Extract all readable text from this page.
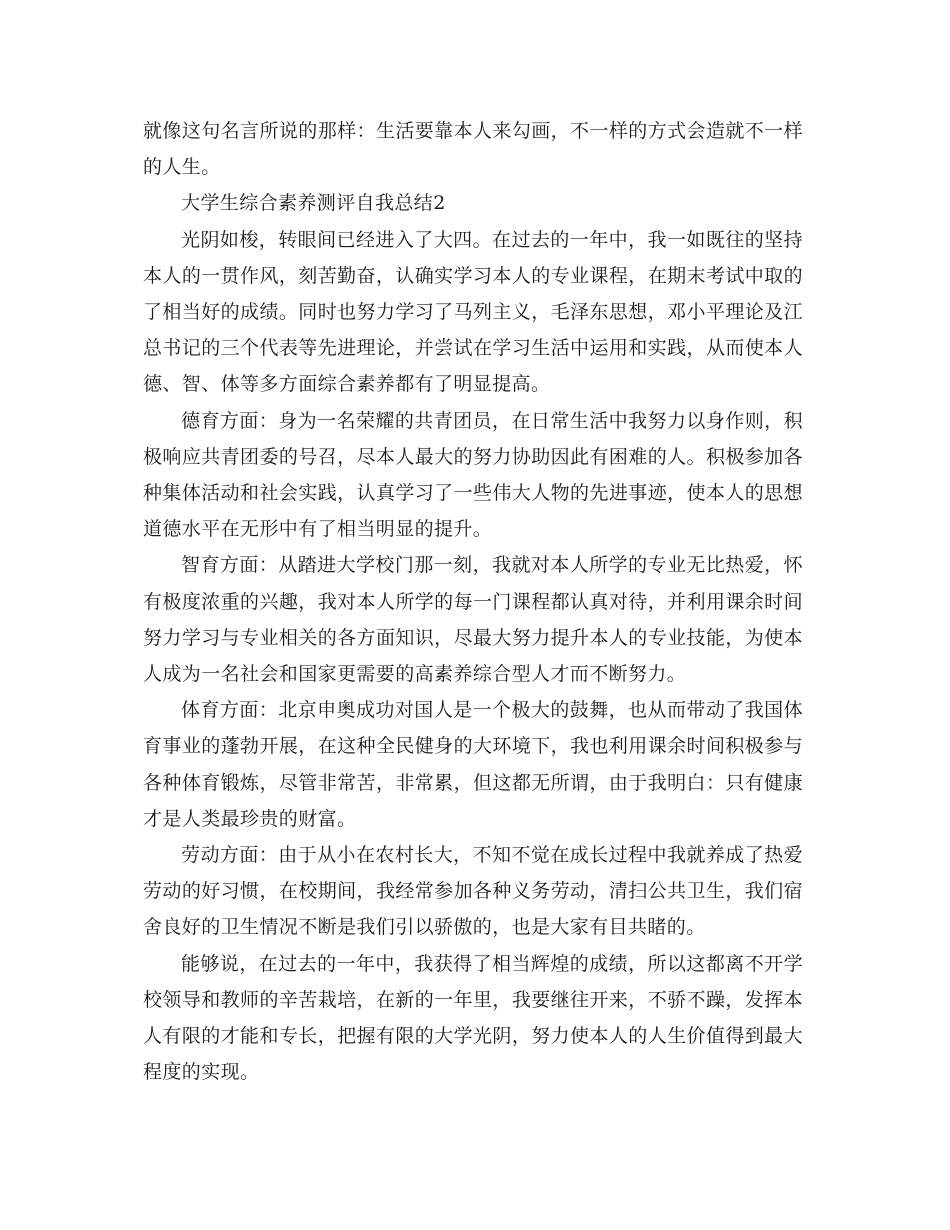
就像这句名言所说的那样：生活要靠本人来勾画，不一样的方式会造就不一样的人生。

大学生综合素养测评自我总结2

光阴如梭，转眼间已经进入了大四。在过去的一年中，我一如既往的坚持本人的一贯作风，刻苦勤奋，认确实学习本人的专业课程，在期末考试中取的了相当好的成绩。同时也努力学习了马列主义，毛泽东思想，邓小平理论及江总书记的三个代表等先进理论，并尝试在学习生活中运用和实践，从而使本人德、智、体等多方面综合素养都有了明显提高。

德育方面：身为一名荣耀的共青团员，在日常生活中我努力以身作则，积极响应共青团委的号召，尽本人最大的努力协助因此有困难的人。积极参加各种集体活动和社会实践，认真学习了一些伟大人物的先进事迹，使本人的思想道德水平在无形中有了相当明显的提升。

智育方面：从踏进大学校门那一刻，我就对本人所学的专业无比热爱，怀有极度浓重的兴趣，我对本人所学的每一门课程都认真对待，并利用课余时间努力学习与专业相关的各方面知识，尽最大努力提升本人的专业技能，为使本人成为一名社会和国家更需要的高素养综合型人才而不断努力。

体育方面：北京申奥成功对国人是一个极大的鼓舞，也从而带动了我国体育事业的蓬勃开展，在这种全民健身的大环境下，我也利用课余时间积极参与各种体育锻炼，尽管非常苦，非常累，但这都无所谓，由于我明白：只有健康才是人类最珍贵的财富。

劳动方面：由于从小在农村长大，不知不觉在成长过程中我就养成了热爱劳动的好习惯，在校期间，我经常参加各种义务劳动，清扫公共卫生，我们宿舍良好的卫生情况不断是我们引以骄傲的，也是大家有目共睹的。

能够说，在过去的一年中，我获得了相当辉煌的成绩，所以这都离不开学校领导和教师的辛苦栽培，在新的一年里，我要继往开来，不骄不躁，发挥本人有限的才能和专长，把握有限的大学光阴，努力使本人的人生价值得到最大程度的实现。
